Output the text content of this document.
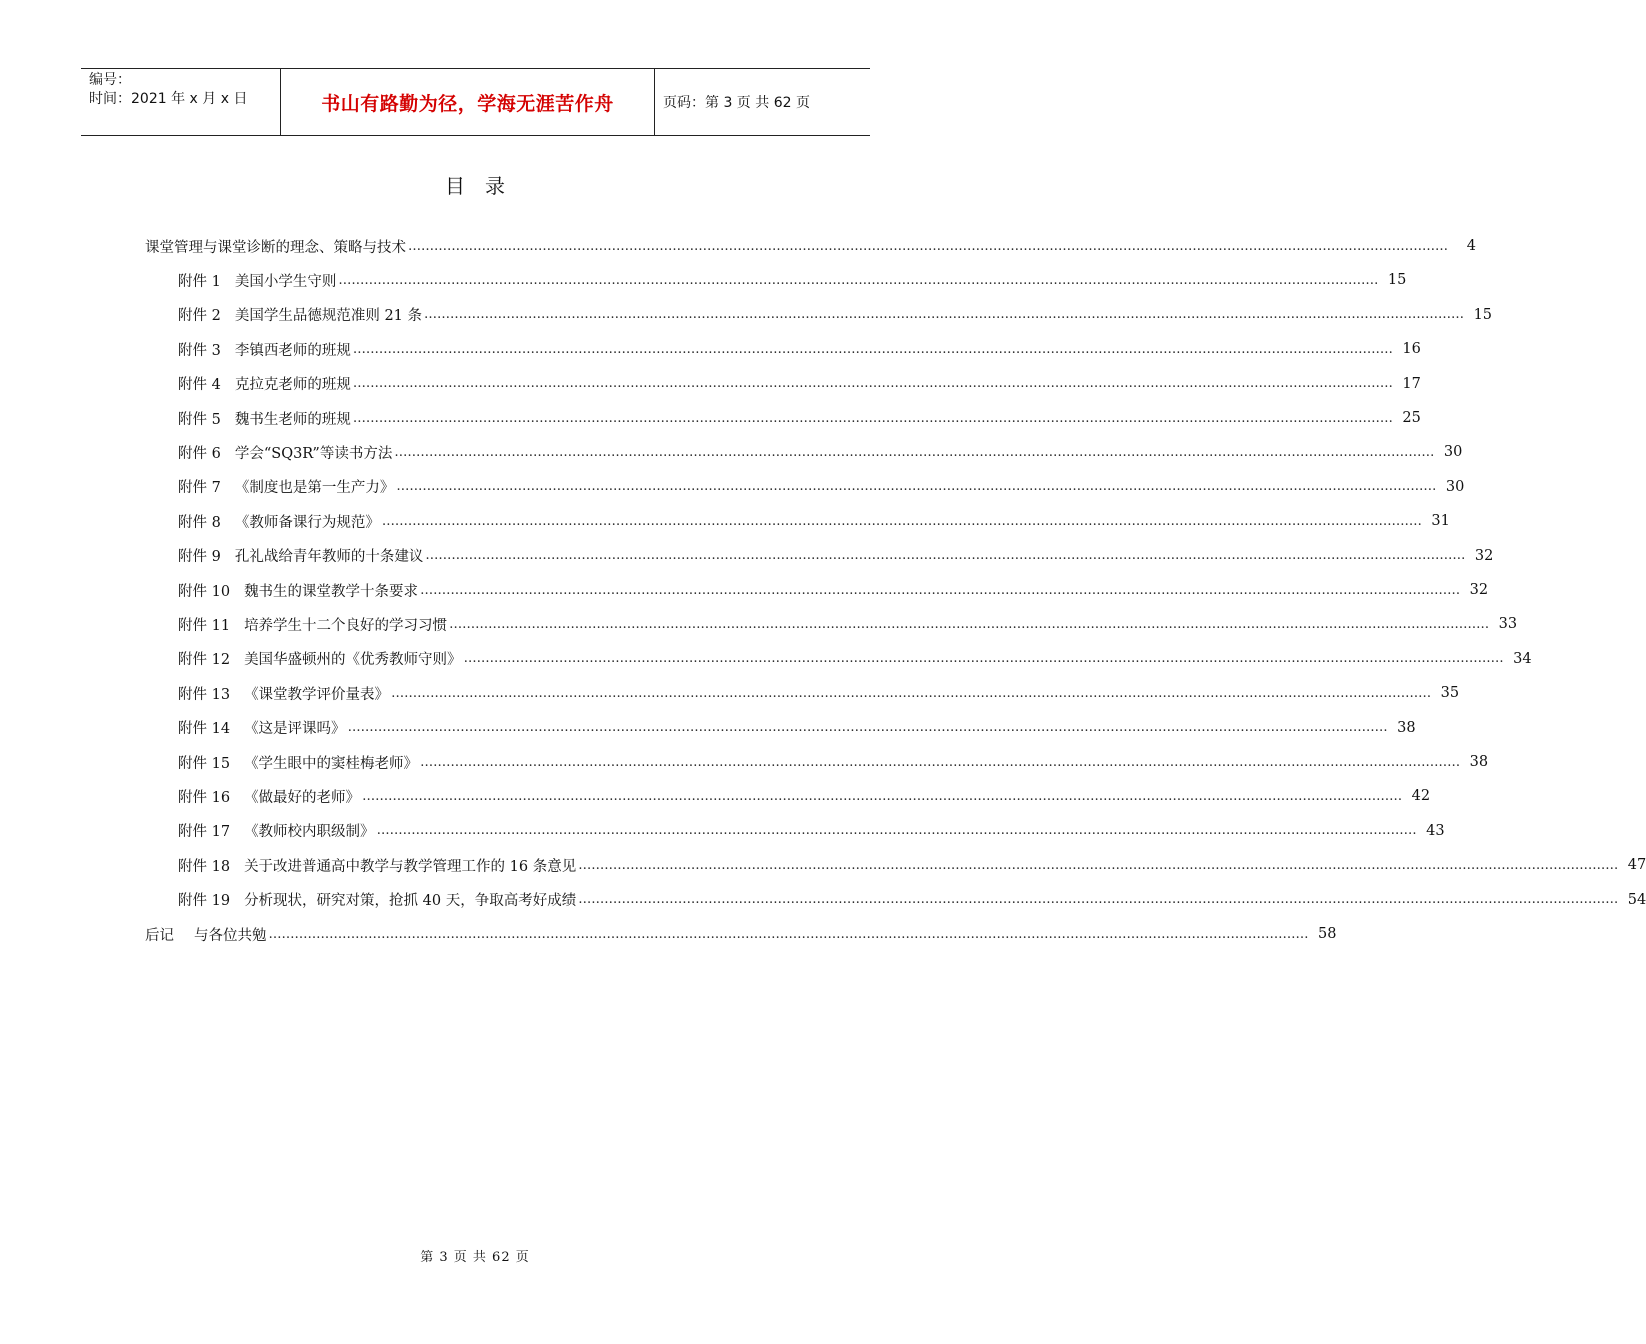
编号：
时间：2021 年 x 月 x 日	书山有路勤为径，学海无涯苦作舟	页码：第 3 页 共 62 页
目录
课堂管理与课堂诊断的理念、策略与技术 ……………………………………………………………………………………………………………………………………………………………………………………………………………………	4
附件 1 美国小学生守则 …………………………………………………………………………………………………………………………………………………………………………………………………………………… 15
附件 2 美国学生品德规范准则 21 条 …………………………………………………………………………………………………………………………………………………………………………………………………………………… 15
附件 3 李镇西老师的班规 …………………………………………………………………………………………………………………………………………………………………………………………………………………… 16
附件 4 克拉克老师的班规 …………………………………………………………………………………………………………………………………………………………………………………………………………………… 17
附件 5 魏书生老师的班规 …………………………………………………………………………………………………………………………………………………………………………………………………………………… 25
附件 6 学会“SQ3R”等读书方法 …………………………………………………………………………………………………………………………………………………………………………………………………………………… 30
附件 7 《制度也是第一生产力》 …………………………………………………………………………………………………………………………………………………………………………………………………………………… 30
附件 8 《教师备课行为规范》 …………………………………………………………………………………………………………………………………………………………………………………………………………………… 31
附件 9 孔礼战给青年教师的十条建议 …………………………………………………………………………………………………………………………………………………………………………………………………………………… 32
附件 10 魏书生的课堂教学十条要求 …………………………………………………………………………………………………………………………………………………………………………………………………………………… 32
附件 11 培养学生十二个良好的学习习惯 …………………………………………………………………………………………………………………………………………………………………………………………………………………… 33
附件 12 美国华盛顿州的《优秀教师守则》 …………………………………………………………………………………………………………………………………………………………………………………………………………………… 34
附件 13 《课堂教学评价量表》 …………………………………………………………………………………………………………………………………………………………………………………………………………………… 35
附件 14 《这是评课吗》 …………………………………………………………………………………………………………………………………………………………………………………………………………………… 38
附件 15 《学生眼中的窦桂梅老师》 …………………………………………………………………………………………………………………………………………………………………………………………………………………… 38
附件 16 《做最好的老师》 …………………………………………………………………………………………………………………………………………………………………………………………………………………… 42
附件 17 《教师校内职级制》 …………………………………………………………………………………………………………………………………………………………………………………………………………………… 43
附件 18 关于改进普通高中教学与教学管理工作的 16 条意见 …………………………………………………………………………………………………………………………………………………………………………………………………………………… 47
附件 19 分析现状，研究对策，抢抓 40 天，争取高考好成绩 …………………………………………………………………………………………………………………………………………………………………………………………………………………… 54
后记 与各位共勉 …………………………………………………………………………………………………………………………………………………………………………………………………………………… 58
第 3 页 共 62 页
